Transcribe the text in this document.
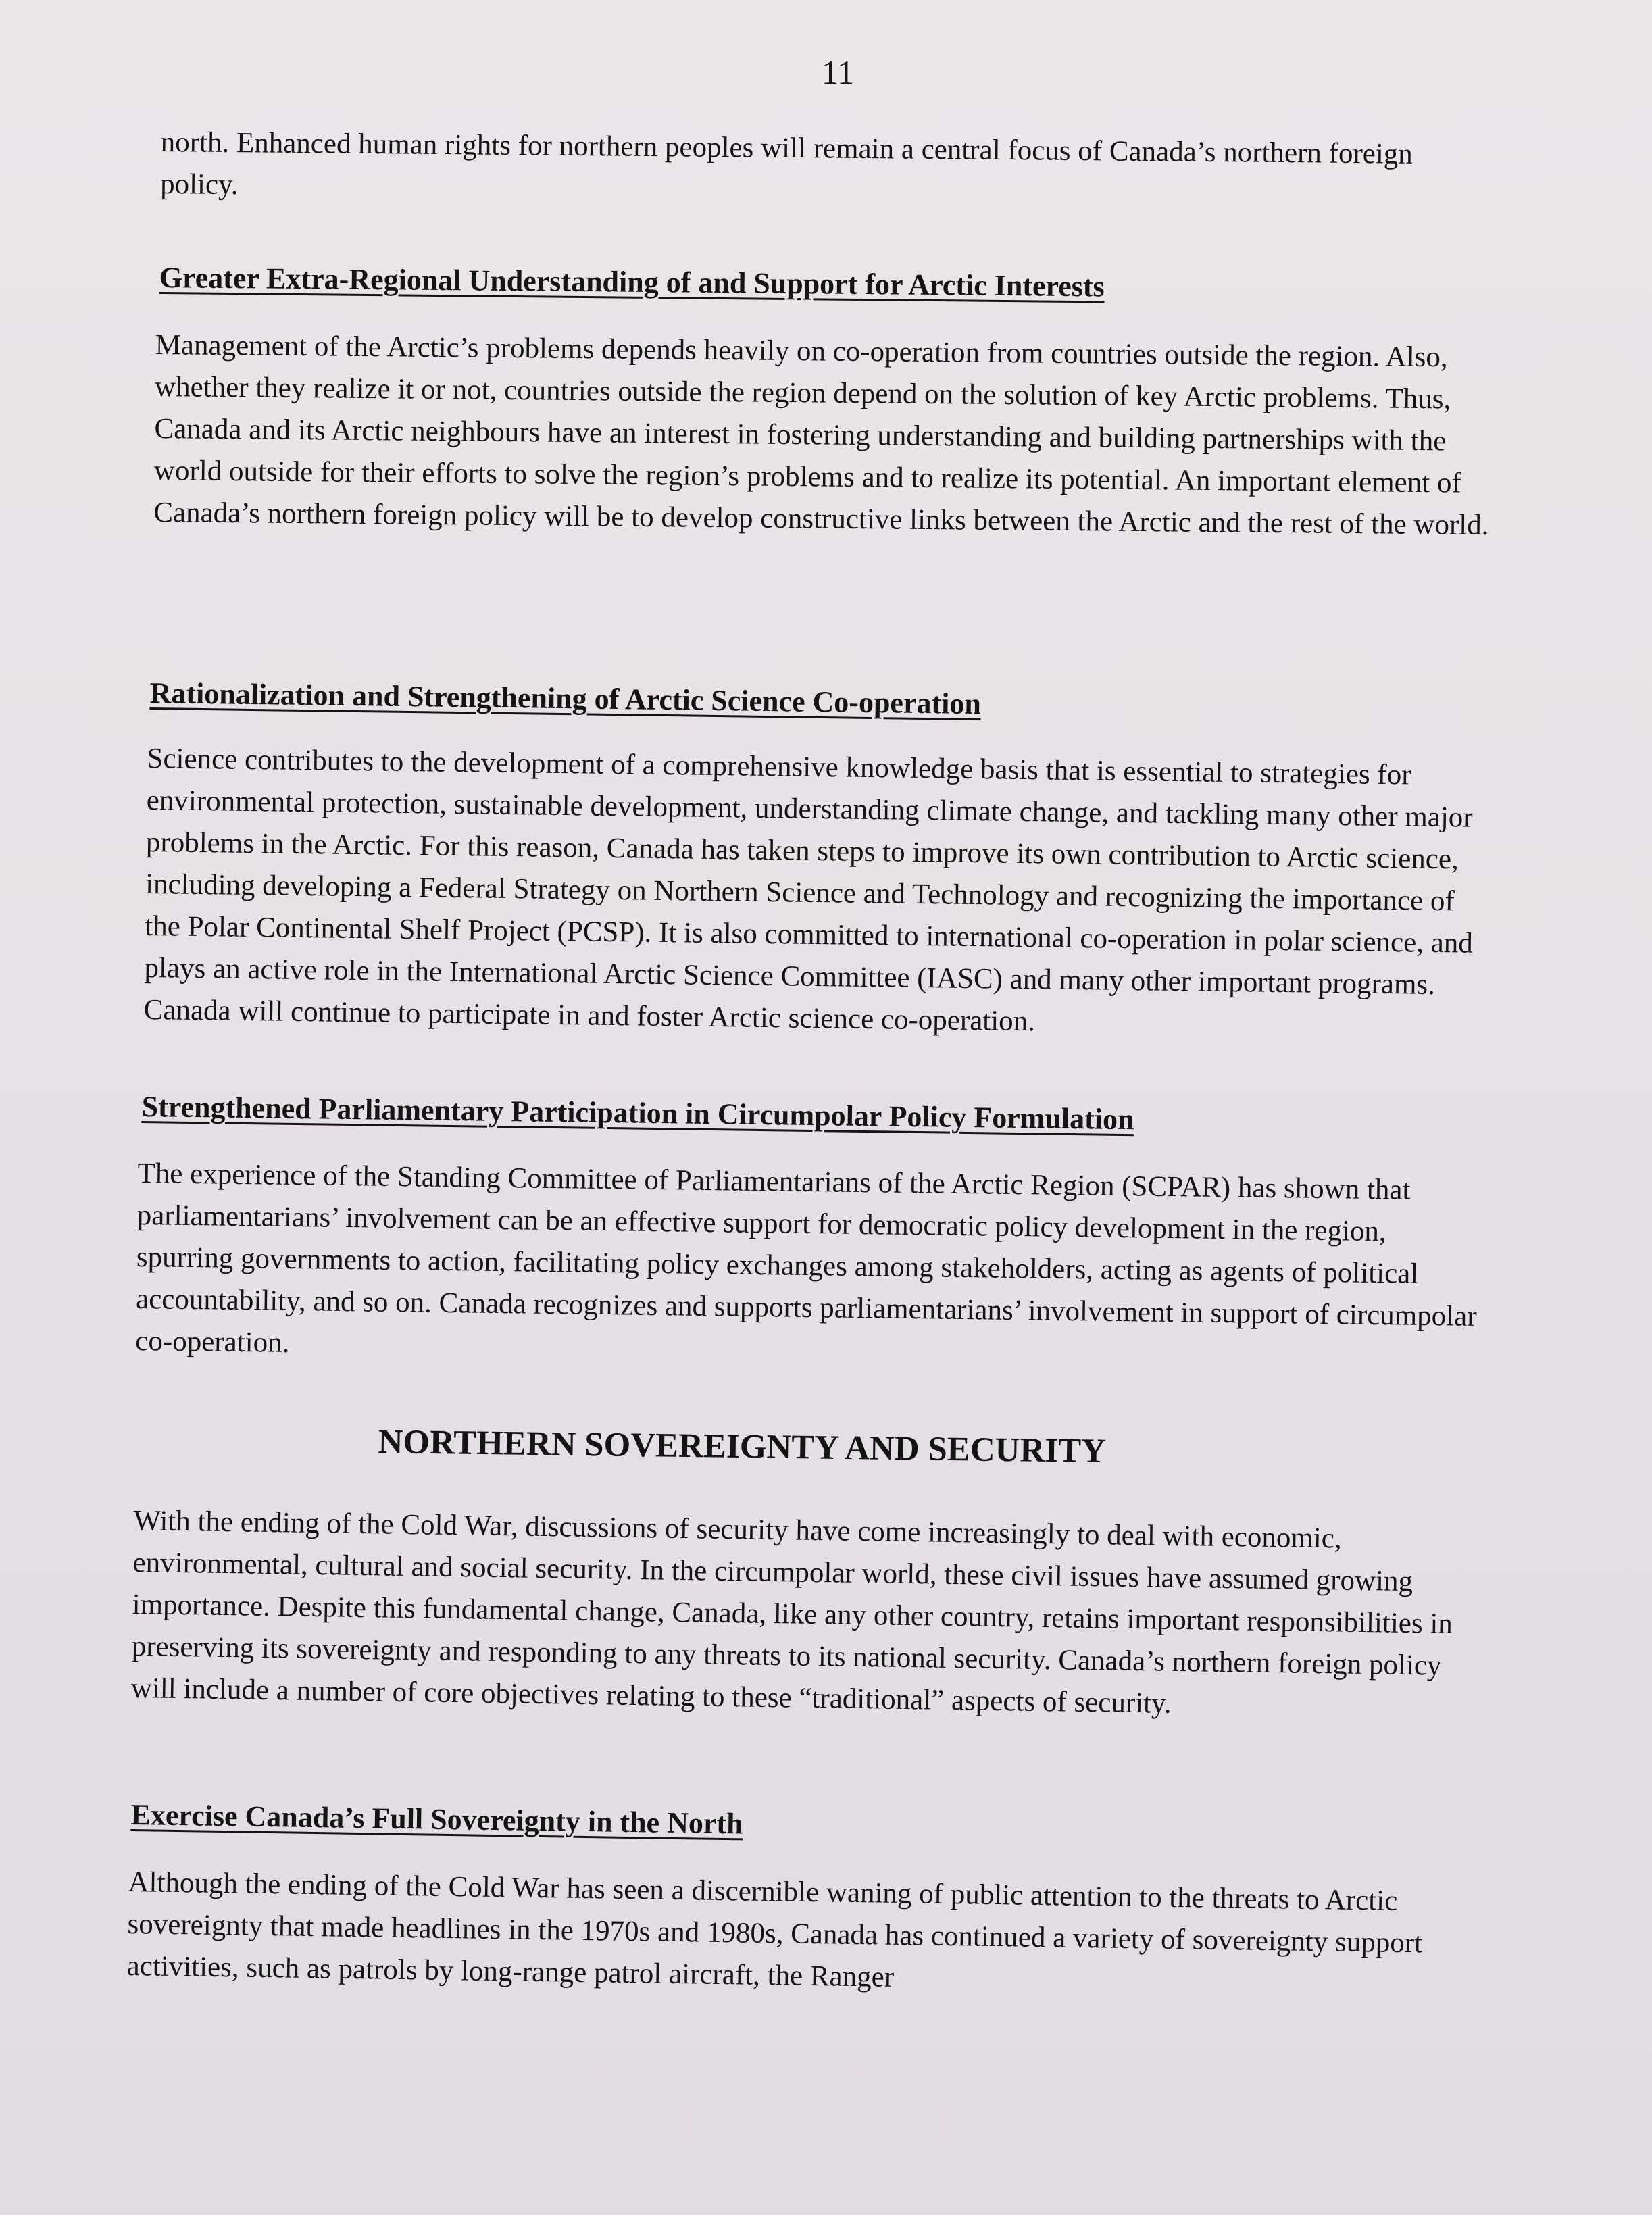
11

north. Enhanced human rights for northern peoples will remain a central focus of Canada’s northern foreign policy.

Greater Extra-Regional Understanding of and Support for Arctic Interests

Management of the Arctic’s problems depends heavily on co-operation from countries outside the region. Also, whether they realize it or not, countries outside the region depend on the solution of key Arctic problems. Thus, Canada and its Arctic neighbours have an interest in fostering understanding and building partnerships with the world outside for their efforts to solve the region’s problems and to realize its potential. An important element of Canada’s northern foreign policy will be to develop constructive links between the Arctic and the rest of the world.

Rationalization and Strengthening of Arctic Science Co-operation

Science contributes to the development of a comprehensive knowledge basis that is essential to strategies for environmental protection, sustainable development, understanding climate change, and tackling many other major problems in the Arctic. For this reason, Canada has taken steps to improve its own contribution to Arctic science, including developing a Federal Strategy on Northern Science and Technology and recognizing the importance of the Polar Continental Shelf Project (PCSP). It is also committed to international co-operation in polar science, and plays an active role in the International Arctic Science Committee (IASC) and many other important programs. Canada will continue to participate in and foster Arctic science co-operation.

Strengthened Parliamentary Participation in Circumpolar Policy Formulation

The experience of the Standing Committee of Parliamentarians of the Arctic Region (SCPAR) has shown that parliamentarians’ involvement can be an effective support for democratic policy development in the region, spurring governments to action, facilitating policy exchanges among stakeholders, acting as agents of political accountability, and so on. Canada recognizes and supports parliamentarians’ involvement in support of circumpolar co-operation.

NORTHERN SOVEREIGNTY AND SECURITY

With the ending of the Cold War, discussions of security have come increasingly to deal with economic, environmental, cultural and social security. In the circumpolar world, these civil issues have assumed growing importance. Despite this fundamental change, Canada, like any other country, retains important responsibilities in preserving its sovereignty and responding to any threats to its national security. Canada’s northern foreign policy will include a number of core objectives relating to these “traditional” aspects of security.

Exercise Canada’s Full Sovereignty in the North

Although the ending of the Cold War has seen a discernible waning of public attention to the threats to Arctic sovereignty that made headlines in the 1970s and 1980s, Canada has continued a variety of sovereignty support activities, such as patrols by long-range patrol aircraft, the Ranger
